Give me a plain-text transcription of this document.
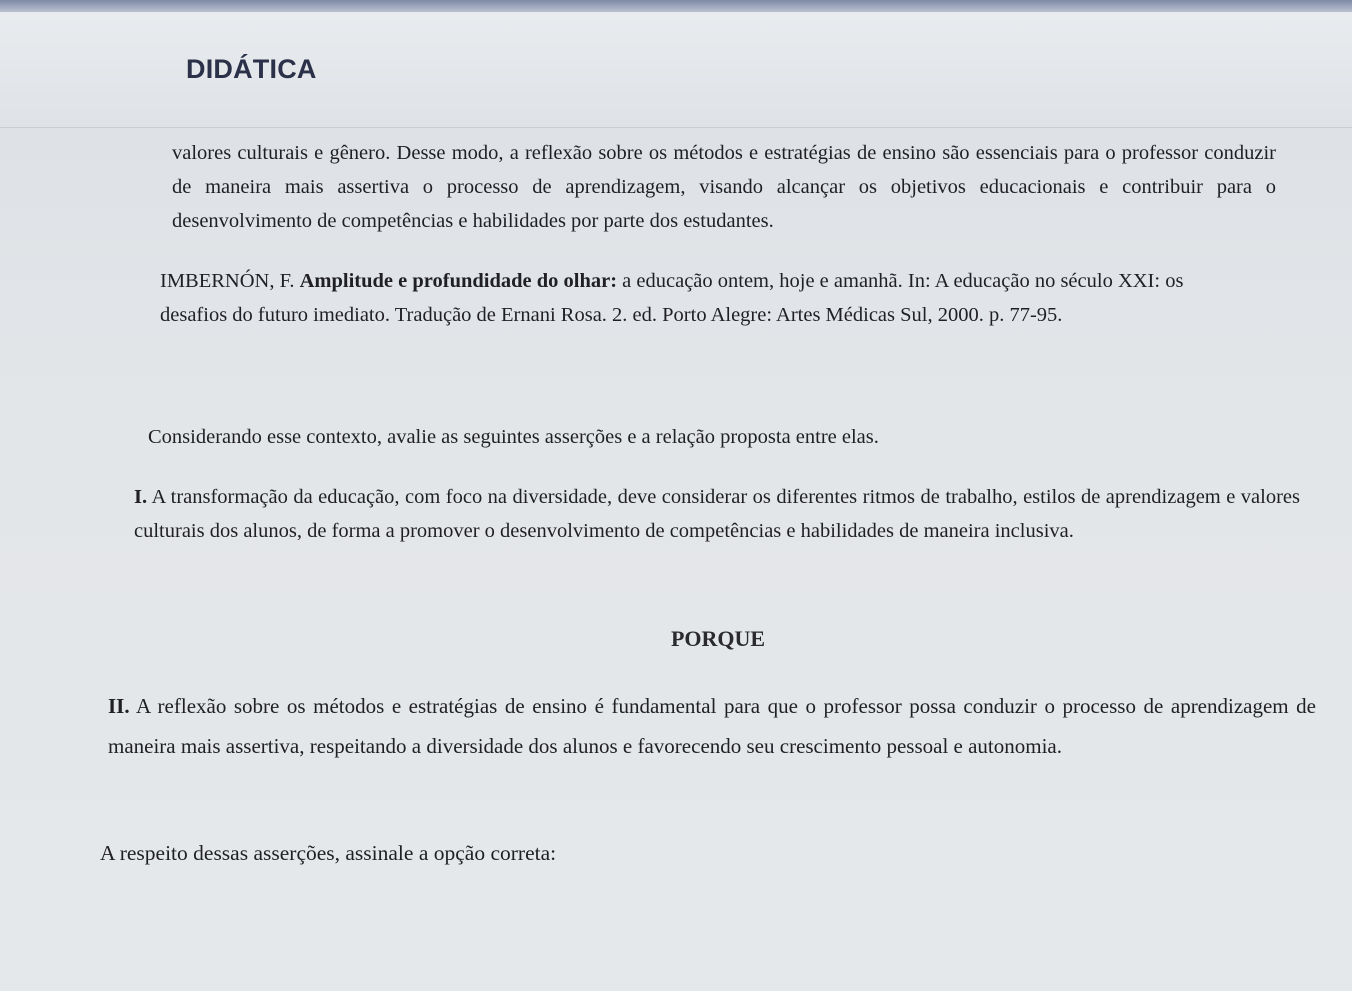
DIDÁTICA
valores culturais e gênero. Desse modo, a reflexão sobre os métodos e estratégias de ensino são essenciais para o professor conduzir de maneira mais assertiva o processo de aprendizagem, visando alcançar os objetivos educacionais e contribuir para o desenvolvimento de competências e habilidades por parte dos estudantes.
IMBERNÓN, F. Amplitude e profundidade do olhar: a educação ontem, hoje e amanhã. In: A educação no século XXI: os desafios do futuro imediato. Tradução de Ernani Rosa. 2. ed. Porto Alegre: Artes Médicas Sul, 2000. p. 77-95.
Considerando esse contexto, avalie as seguintes asserções e a relação proposta entre elas.
I. A transformação da educação, com foco na diversidade, deve considerar os diferentes ritmos de trabalho, estilos de aprendizagem e valores culturais dos alunos, de forma a promover o desenvolvimento de competências e habilidades de maneira inclusiva.
PORQUE
II. A reflexão sobre os métodos e estratégias de ensino é fundamental para que o professor possa conduzir o processo de aprendizagem de maneira mais assertiva, respeitando a diversidade dos alunos e favorecendo seu crescimento pessoal e autonomia.
A respeito dessas asserções, assinale a opção correta:
